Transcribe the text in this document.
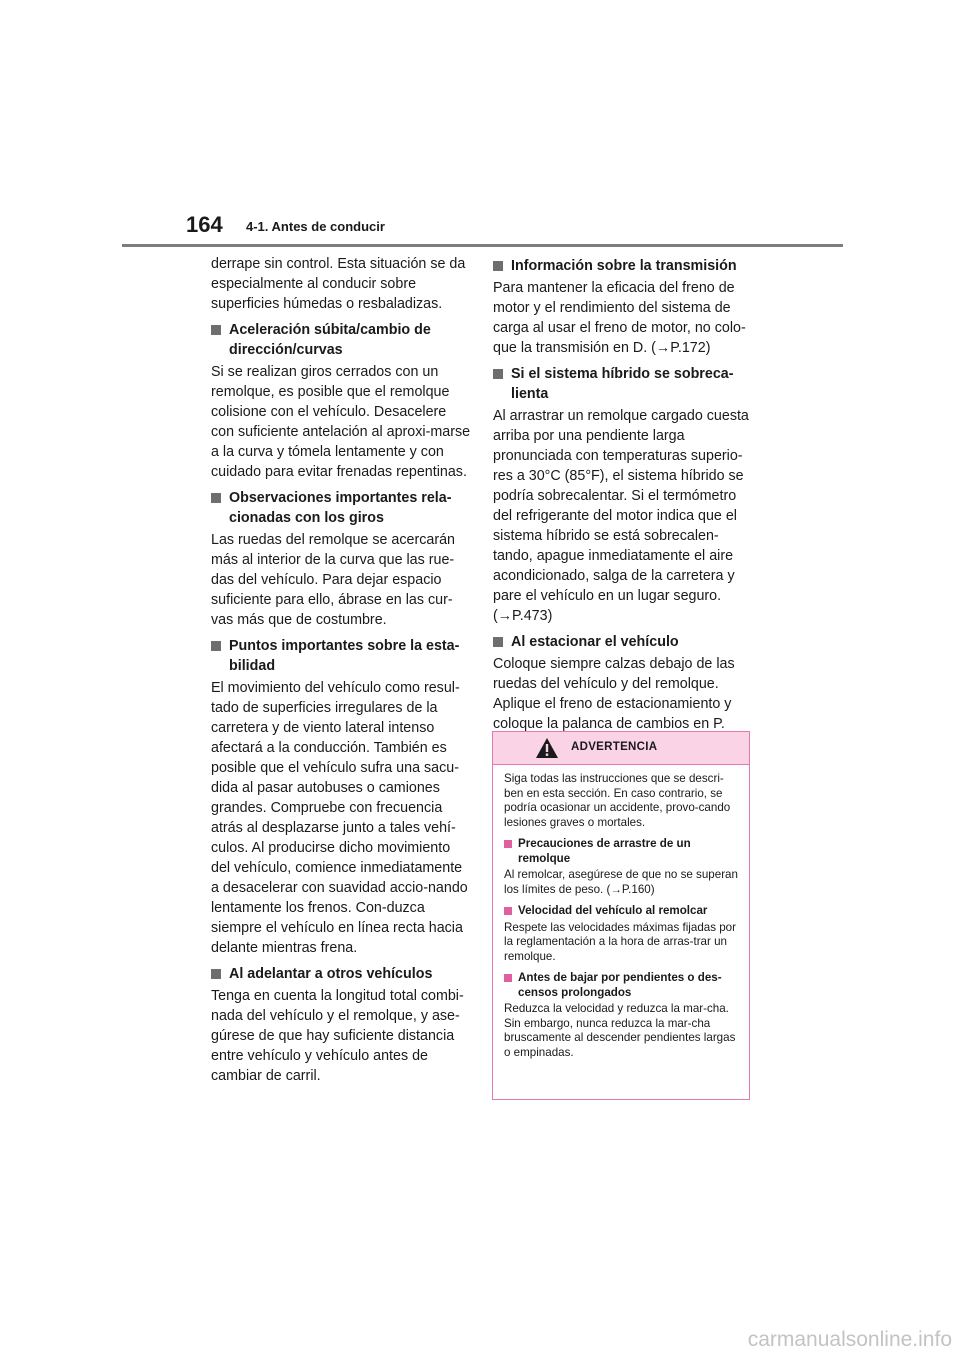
164 4-1. Antes de conducir

derrape sin control. Esta situación se da especialmente al conducir sobre superficies húmedas o resbaladizas.

Aceleración súbita/cambio de dirección/curvas

Si se realizan giros cerrados con un remolque, es posible que el remolque colisione con el vehículo. Desacelere con suficiente antelación al aproxi-marse a la curva y tómela lentamente y con cuidado para evitar frenadas repentinas.

Observaciones importantes rela-cionadas con los giros

Las ruedas del remolque se acercarán más al interior de la curva que las rue-das del vehículo. Para dejar espacio suficiente para ello, ábrase en las cur-vas más que de costumbre.

Puntos importantes sobre la esta-bilidad

El movimiento del vehículo como resul-tado de superficies irregulares de la carretera y de viento lateral intenso afectará a la conducción. También es posible que el vehículo sufra una sacu-dida al pasar autobuses o camiones grandes. Compruebe con frecuencia atrás al desplazarse junto a tales vehí-culos. Al producirse dicho movimiento del vehículo, comience inmediatamente a desacelerar con suavidad accio-nando lentamente los frenos. Con-duzca siempre el vehículo en línea recta hacia delante mientras frena.

Al adelantar a otros vehículos

Tenga en cuenta la longitud total combi-nada del vehículo y el remolque, y ase-gúrese de que hay suficiente distancia entre vehículo y vehículo antes de cambiar de carril.

Información sobre la transmisión

Para mantener la eficacia del freno de motor y el rendimiento del sistema de carga al usar el freno de motor, no colo-que la transmisión en D. (→P.172)

Si el sistema híbrido se sobreca-lienta

Al arrastrar un remolque cargado cuesta arriba por una pendiente larga pronunciada con temperaturas superio-res a 30°C (85°F), el sistema híbrido se podría sobrecalentar. Si el termómetro del refrigerante del motor indica que el sistema híbrido se está sobrecalen-tando, apague inmediatamente el aire acondicionado, salga de la carretera y pare el vehículo en un lugar seguro. (→P.473)

Al estacionar el vehículo

Coloque siempre calzas debajo de las ruedas del vehículo y del remolque. Aplique el freno de estacionamiento y coloque la palanca de cambios en P.

ADVERTENCIA

Siga todas las instrucciones que se descri-ben en esta sección. En caso contrario, se podría ocasionar un accidente, provo-cando lesiones graves o mortales.

Precauciones de arrastre de un remolque

Al remolcar, asegúrese de que no se superan los límites de peso. (→P.160)

Velocidad del vehículo al remolcar

Respete las velocidades máximas fijadas por la reglamentación a la hora de arras-trar un remolque.

Antes de bajar por pendientes o des-censos prolongados

Reduzca la velocidad y reduzca la mar-cha. Sin embargo, nunca reduzca la mar-cha bruscamente al descender pendientes largas o empinadas.

carmanualsonline.info
